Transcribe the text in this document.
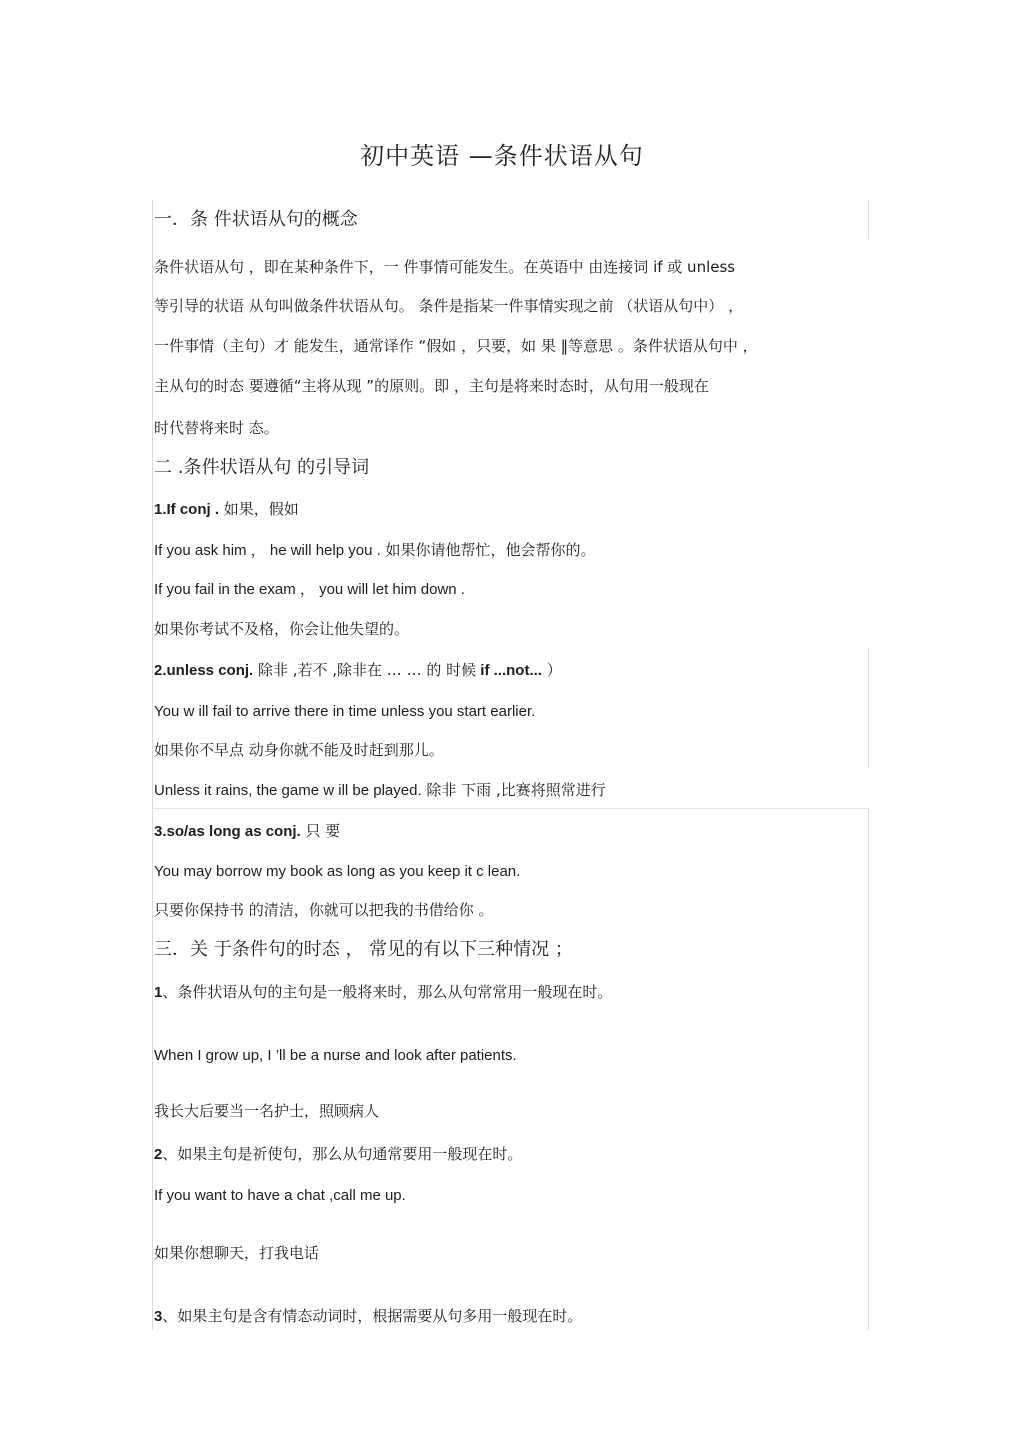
初中英语 —条件状语从句
一．条 件状语从句的概念
条件状语从句 ，即在某种条件下，一 件事情可能发生。在英语中 由连接词 if 或 unless
等引导的状语 从句叫做条件状语从句。 条件是指某一件事情实现之前 （状语从句中） ，
一件事情（主句）才 能发生，通常译作 “假如 ，只要，如 果 ‖等意思 。条件状语从句中 ，
主从句的时态 要遵循“主将从现 ”的原则。即 ，主句是将来时态时，从句用一般现在
时代替将来时 态。
二 .条件状语从句 的引导词
1.If conj . 如果，假如
If you ask him ， he will help you . 如果你请他帮忙，他会帮你的。
If you fail in the exam ， you will let him down .
如果你考试不及格，你会让他失望的。
2.unless conj. 除非 ,若不 ,除非在 … … 的 时候 if ...not... ）
You w ill fail to arrive there in time unless you start earlier.
如果你不早点 动身你就不能及时赶到那儿。
Unless it rains, the game w ill be played. 除非 下雨 ,比赛将照常进行
3.so/as long as conj. 只 要
You may borrow my book as long as you keep it c lean.
只要你保持书 的清洁，你就可以把我的书借给你 。
三．关 于条件句的时态 ， 常见的有以下三种情况 ；
1、条件状语从句的主句是一般将来时，那么从句常常用一般现在时。
When I grow up, I ’ll be a nurse and look after patients.
我长大后要当一名护士，照顾病人
2、如果主句是祈使句，那么从句通常要用一般现在时。
If you want to have a chat ,call me up.
如果你想聊天，打我电话
3、如果主句是含有情态动词时，根据需要从句多用一般现在时。
